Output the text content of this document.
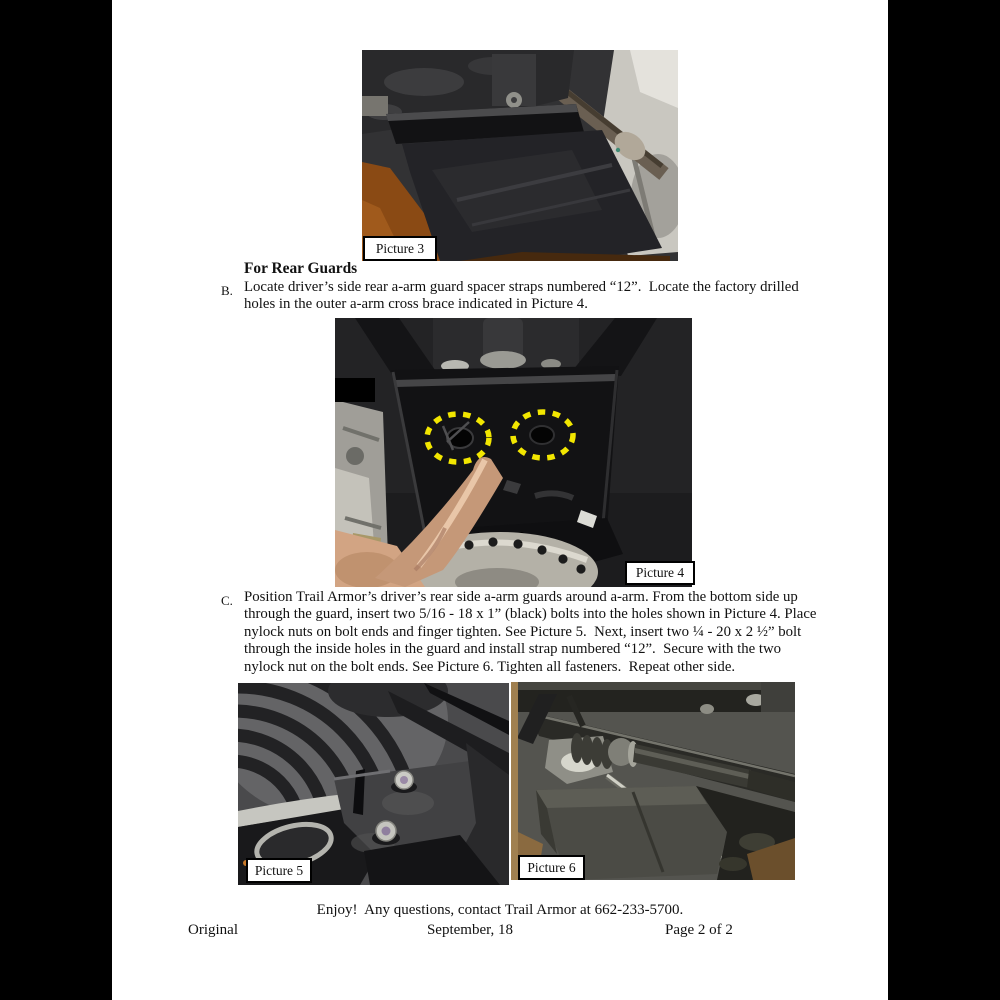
Picture 3
For Rear Guards
B. Locate driver’s side rear a-arm guard spacer straps numbered “12”.  Locate the factory drilled holes in the outer a-arm cross brace indicated in Picture 4.
Picture 4
C. Position Trail Armor’s driver’s rear side a-arm guards around a-arm. From the bottom side up through the guard, insert two 5/16 - 18 x 1” (black) bolts into the holes shown in Picture 4. Place nylock nuts on bolt ends and finger tighten. See Picture 5.  Next, insert two ¼ - 20 x 2 ½” bolt through the inside holes in the guard and install strap numbered “12”.  Secure with the two nylock nut on the bolt ends. See Picture 6. Tighten all fasteners.  Repeat other side.
Picture 5	Picture 6
Enjoy!  Any questions, contact Trail Armor at 662-233-5700.
Original	September, 18	Page 2 of 2
